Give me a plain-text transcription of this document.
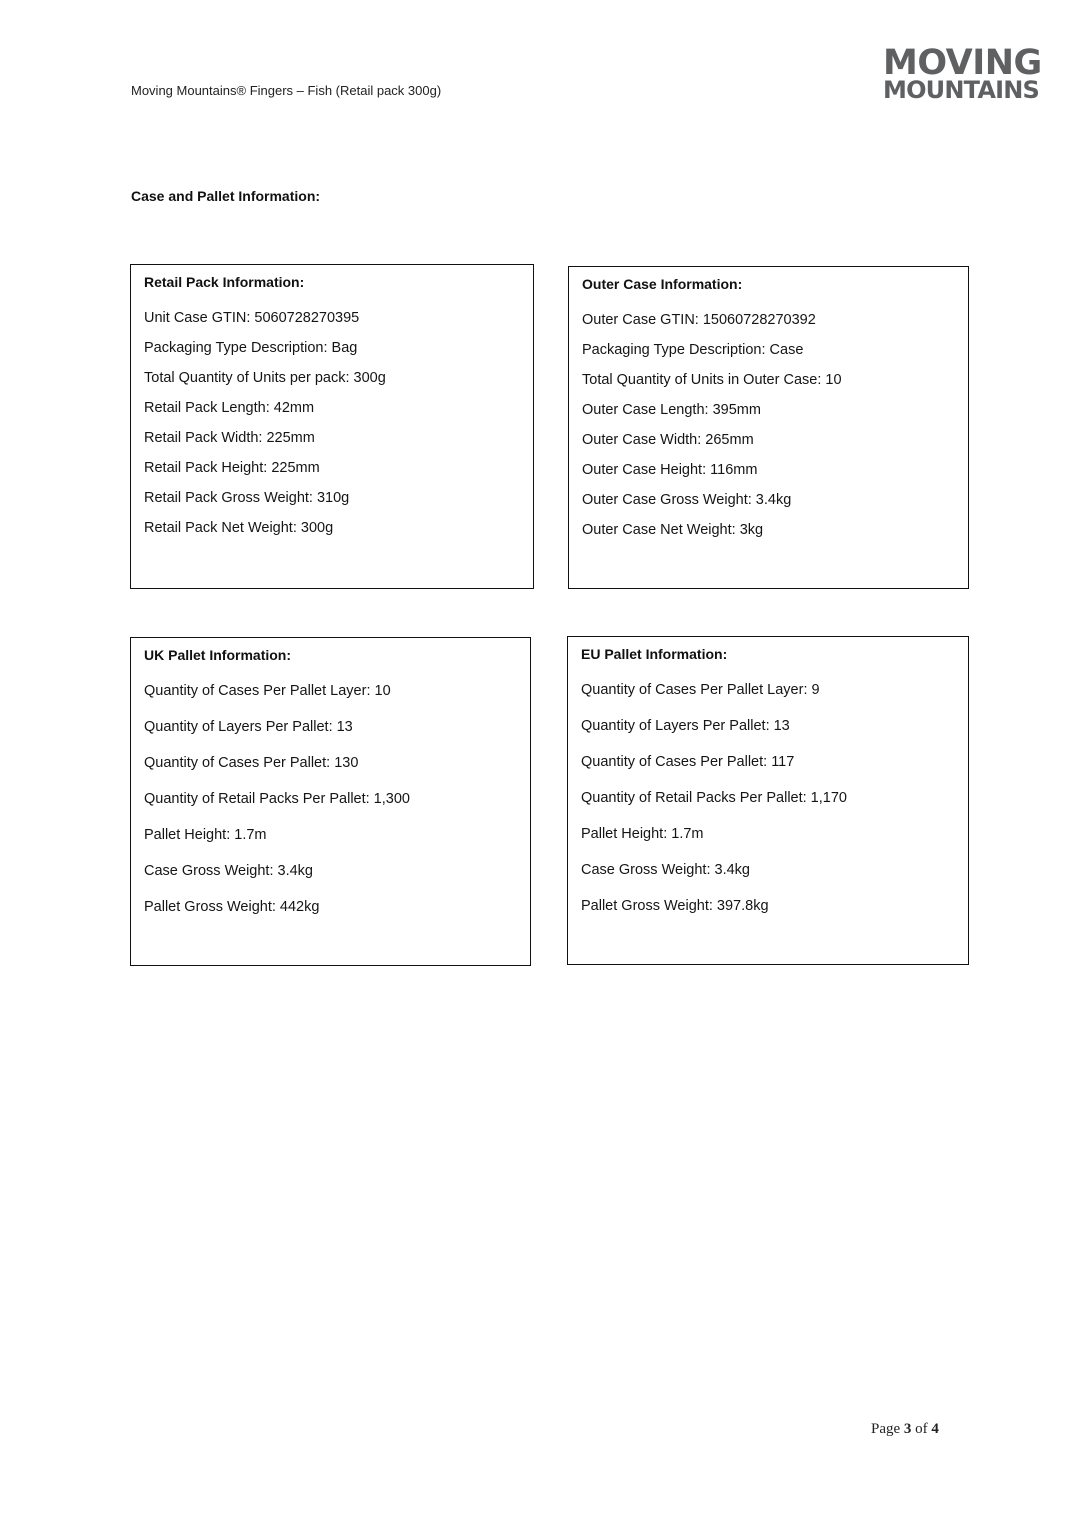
Moving Mountains® Fingers – Fish (Retail pack 300g)
MOVING
MOUNTAINS
Case and Pallet Information:
Retail Pack Information:
Unit Case GTIN: 5060728270395
Packaging Type Description: Bag
Total Quantity of Units per pack: 300g
Retail Pack Length: 42mm
Retail Pack Width: 225mm
Retail Pack Height: 225mm
Retail Pack Gross Weight: 310g
Retail Pack Net Weight: 300g
Outer Case Information:
Outer Case GTIN: 15060728270392
Packaging Type Description: Case
Total Quantity of Units in Outer Case: 10
Outer Case Length: 395mm
Outer Case Width: 265mm
Outer Case Height: 116mm
Outer Case Gross Weight: 3.4kg
Outer Case Net Weight: 3kg
UK Pallet Information:
Quantity of Cases Per Pallet Layer: 10
Quantity of Layers Per Pallet: 13
Quantity of Cases Per Pallet: 130
Quantity of Retail Packs Per Pallet: 1,300
Pallet Height: 1.7m
Case Gross Weight: 3.4kg
Pallet Gross Weight: 442kg
EU Pallet Information:
Quantity of Cases Per Pallet Layer: 9
Quantity of Layers Per Pallet: 13
Quantity of Cases Per Pallet: 117
Quantity of Retail Packs Per Pallet: 1,170
Pallet Height: 1.7m
Case Gross Weight: 3.4kg
Pallet Gross Weight: 397.8kg
Page 3 of 4
